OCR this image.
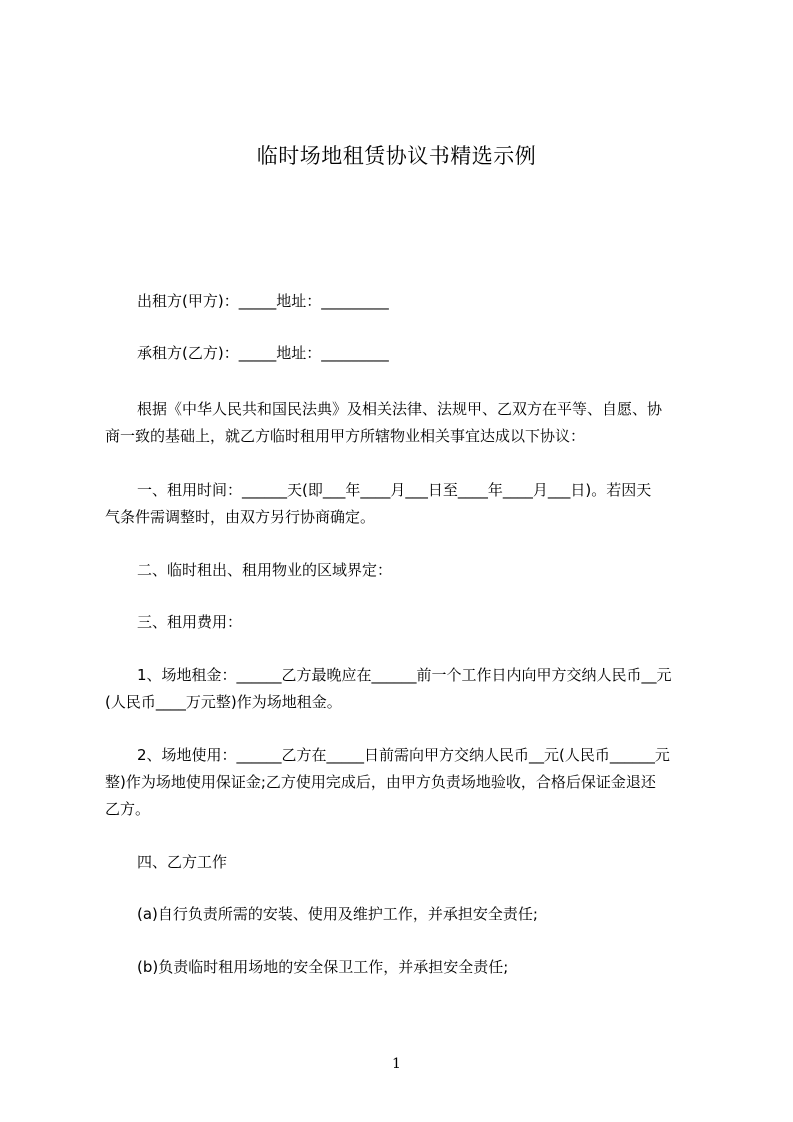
临时场地租赁协议书精选示例
出租方(甲方)：_____地址：_________
承租方(乙方)：_____地址：_________
根据《中华人民共和国民法典》及相关法律、法规甲、乙双方在平等、自愿、协
商一致的基础上，就乙方临时租用甲方所辖物业相关事宜达成以下协议：
一、租用时间：______天(即___年____月___日至____年____月___日)。若因天
气条件需调整时，由双方另行协商确定。
二、临时租出、租用物业的区域界定：
三、租用费用：
1、场地租金：______乙方最晚应在______前一个工作日内向甲方交纳人民币__元
(人民币____万元整)作为场地租金。
2、场地使用：______乙方在_____日前需向甲方交纳人民币__元(人民币______元
整)作为场地使用保证金;乙方使用完成后，由甲方负责场地验收，合格后保证金退还
乙方。
四、乙方工作
(a)自行负责所需的安装、使用及维护工作，并承担安全责任;
(b)负责临时租用场地的安全保卫工作，并承担安全责任;
1
